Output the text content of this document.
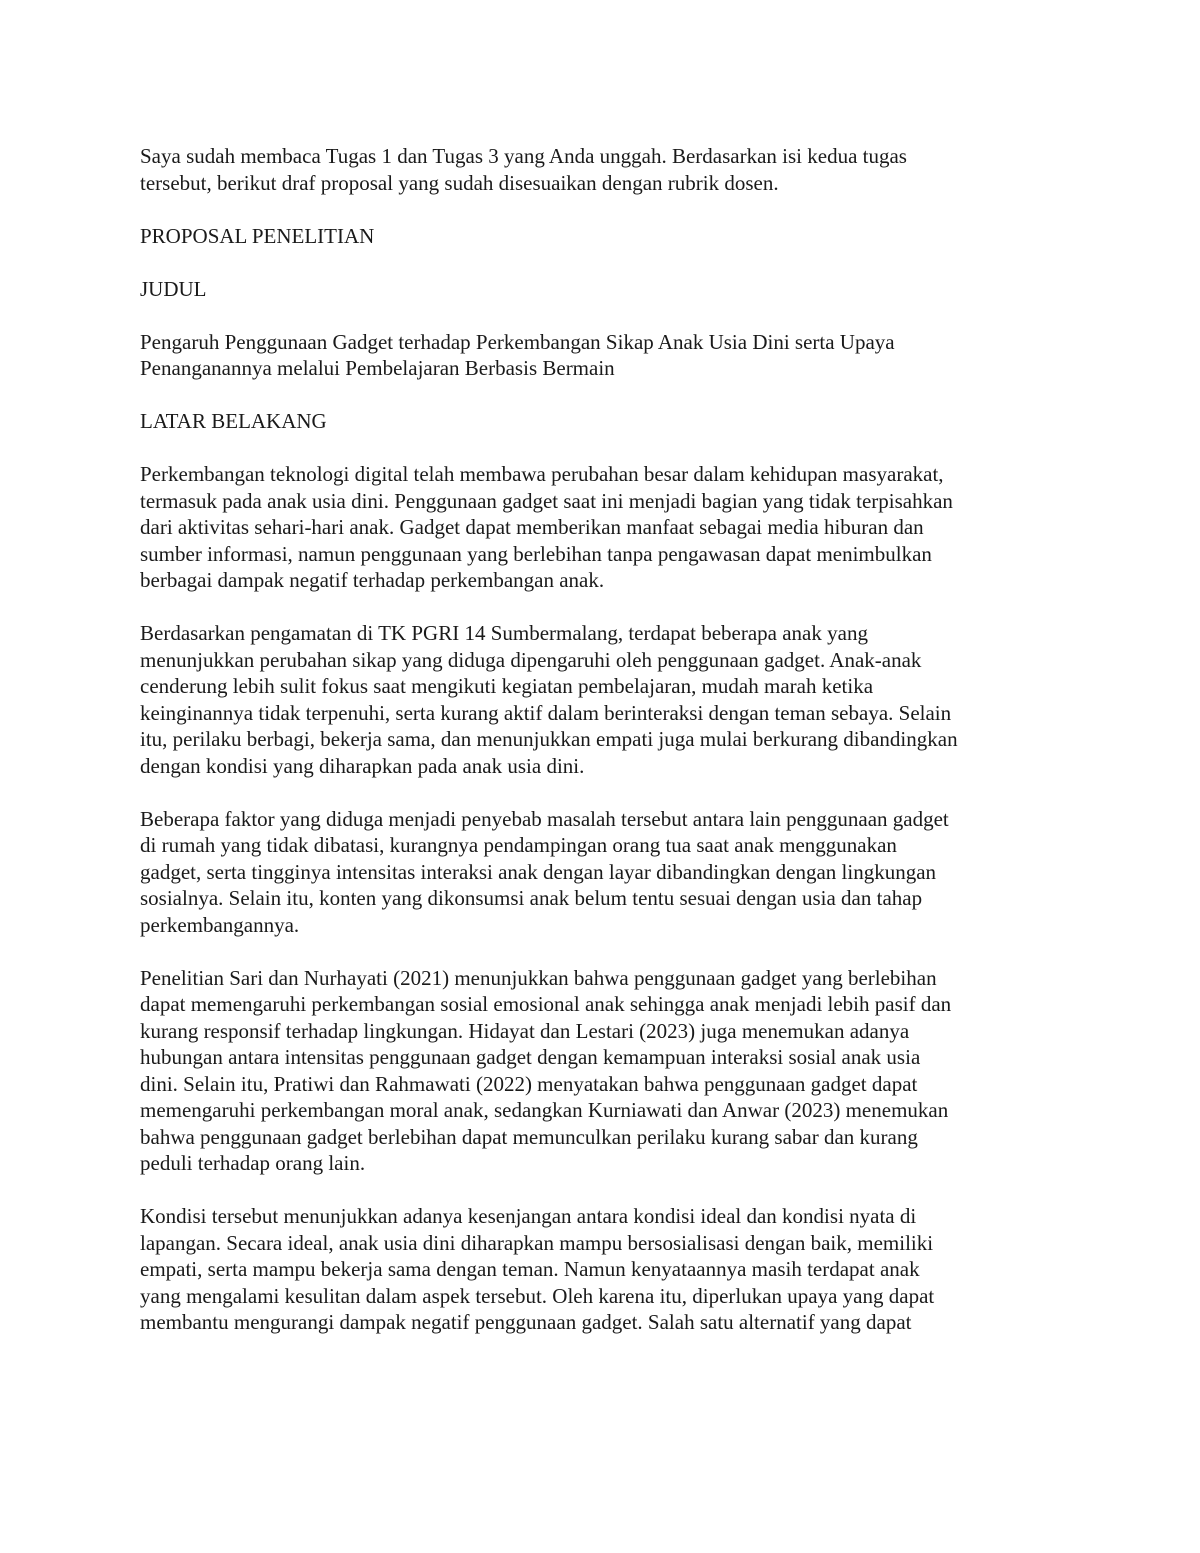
Saya sudah membaca Tugas 1 dan Tugas 3 yang Anda unggah. Berdasarkan isi kedua tugas
tersebut, berikut draf proposal yang sudah disesuaikan dengan rubrik dosen.
PROPOSAL PENELITIAN
JUDUL
Pengaruh Penggunaan Gadget terhadap Perkembangan Sikap Anak Usia Dini serta Upaya
Penanganannya melalui Pembelajaran Berbasis Bermain
LATAR BELAKANG
Perkembangan teknologi digital telah membawa perubahan besar dalam kehidupan masyarakat,
termasuk pada anak usia dini. Penggunaan gadget saat ini menjadi bagian yang tidak terpisahkan
dari aktivitas sehari-hari anak. Gadget dapat memberikan manfaat sebagai media hiburan dan
sumber informasi, namun penggunaan yang berlebihan tanpa pengawasan dapat menimbulkan
berbagai dampak negatif terhadap perkembangan anak.
Berdasarkan pengamatan di TK PGRI 14 Sumbermalang, terdapat beberapa anak yang
menunjukkan perubahan sikap yang diduga dipengaruhi oleh penggunaan gadget. Anak-anak
cenderung lebih sulit fokus saat mengikuti kegiatan pembelajaran, mudah marah ketika
keinginannya tidak terpenuhi, serta kurang aktif dalam berinteraksi dengan teman sebaya. Selain
itu, perilaku berbagi, bekerja sama, dan menunjukkan empati juga mulai berkurang dibandingkan
dengan kondisi yang diharapkan pada anak usia dini.
Beberapa faktor yang diduga menjadi penyebab masalah tersebut antara lain penggunaan gadget
di rumah yang tidak dibatasi, kurangnya pendampingan orang tua saat anak menggunakan
gadget, serta tingginya intensitas interaksi anak dengan layar dibandingkan dengan lingkungan
sosialnya. Selain itu, konten yang dikonsumsi anak belum tentu sesuai dengan usia dan tahap
perkembangannya.
Penelitian Sari dan Nurhayati (2021) menunjukkan bahwa penggunaan gadget yang berlebihan
dapat memengaruhi perkembangan sosial emosional anak sehingga anak menjadi lebih pasif dan
kurang responsif terhadap lingkungan. Hidayat dan Lestari (2023) juga menemukan adanya
hubungan antara intensitas penggunaan gadget dengan kemampuan interaksi sosial anak usia
dini. Selain itu, Pratiwi dan Rahmawati (2022) menyatakan bahwa penggunaan gadget dapat
memengaruhi perkembangan moral anak, sedangkan Kurniawati dan Anwar (2023) menemukan
bahwa penggunaan gadget berlebihan dapat memunculkan perilaku kurang sabar dan kurang
peduli terhadap orang lain.
Kondisi tersebut menunjukkan adanya kesenjangan antara kondisi ideal dan kondisi nyata di
lapangan. Secara ideal, anak usia dini diharapkan mampu bersosialisasi dengan baik, memiliki
empati, serta mampu bekerja sama dengan teman. Namun kenyataannya masih terdapat anak
yang mengalami kesulitan dalam aspek tersebut. Oleh karena itu, diperlukan upaya yang dapat
membantu mengurangi dampak negatif penggunaan gadget. Salah satu alternatif yang dapat
